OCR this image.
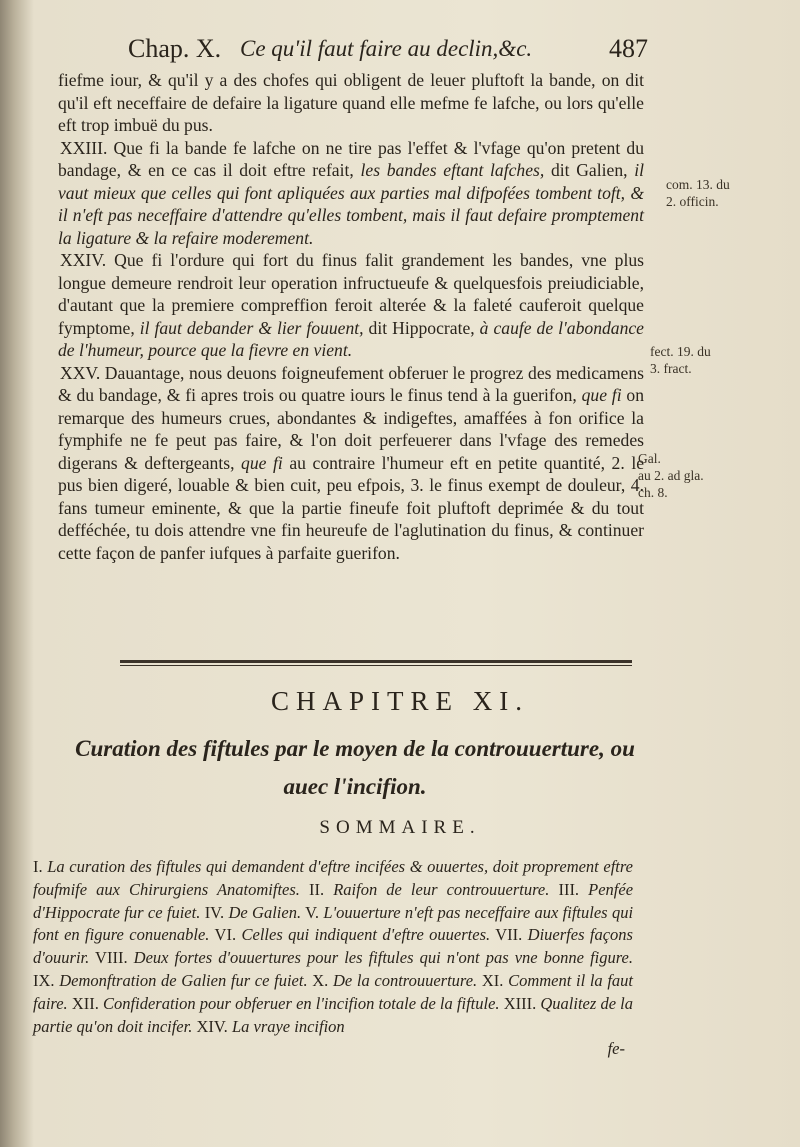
Chap. X. Ce qu'il faut faire au declin,&c.	487

fiefme iour, & qu'il y a des chofes qui obligent de leuer pluftoft la bande, on dit qu'il eft neceffaire de defaire la ligature quand elle mefme fe lafche, ou lors qu'elle eft trop imbuë du pus.

XXIII. Que fi la bande fe lafche on ne tire pas l'effet & l'vfage qu'on pretent du bandage, & en ce cas il doit eftre refait, les bandes eftant lafches, dit Galien, il vaut mieux que celles qui font apliquées aux parties mal difpofées tombent toft, & il n'eft pas neceffaire d'attendre qu'elles tombent, mais il faut defaire promptement la ligature & la refaire moderement.

XXIV. Que fi l'ordure qui fort du finus falit grandement les bandes, vne plus longue demeure rendroit leur operation infructueufe & quelquesfois preiudiciable, d'autant que la premiere compreffion feroit alterée & la faleté cauferoit quelque fymptome, il faut debander & lier fouuent, dit Hippocrate, à caufe de l'abondance de l'humeur, pource que la fievre en vient.

XXV. Dauantage, nous deuons foigneufement obferuer le progrez des medicamens & du bandage, & fi apres trois ou quatre iours le finus tend à la guerifon, que fi on remarque des humeurs crues, abondantes & indigeftes, amaffées à fon orifice la fymphife ne fe peut pas faire, & l'on doit perfeuerer dans l'vfage des remedes digerans & deftergeants, que fi au contraire l'humeur eft en petite quantité, 2. le pus bien digeré, louable & bien cuit, peu efpois, 3. le finus exempt de douleur, 4. fans tumeur eminente, & que la partie fineufe foit pluftoft deprimée & du tout defféchée, tu dois attendre vne fin heureufe de l'aglutination du finus, & continuer cette façon de panfer iufques à parfaite guerifon.

com. 13. du
2. officin.
fect. 19. du
3. fract.
Gal.
au 2. ad gla.
ch. 8.
CHAPITRE XI.
Curation des fiftules par le moyen de la controuuerture, ou
auec l'incifion.
SOMMAIRE.
I. La curation des fiftules qui demandent d'eftre incifées & ouuertes, doit proprement eftre foufmife aux Chirurgiens Anatomiftes. II. Raifon de leur controuuerture. III. Penfée d'Hippocrate fur ce fuiet. IV. De Galien. V. L'ouuerture n'eft pas neceffaire aux fiftules qui font en figure conuenable. VI. Celles qui indiquent d'eftre ouuertes. VII. Diuerfes façons d'ouurir. VIII. Deux fortes d'ouuertures pour les fiftules qui n'ont pas vne bonne figure. IX. Demonftration de Galien fur ce fuiet. X. De la controuuerture. XI. Comment il la faut faire. XII. Confideration pour obferuer en l'incifion totale de la fiftule. XIII. Qualitez de la partie qu'on doit incifer. XIV. La vraye incifion
fe-
